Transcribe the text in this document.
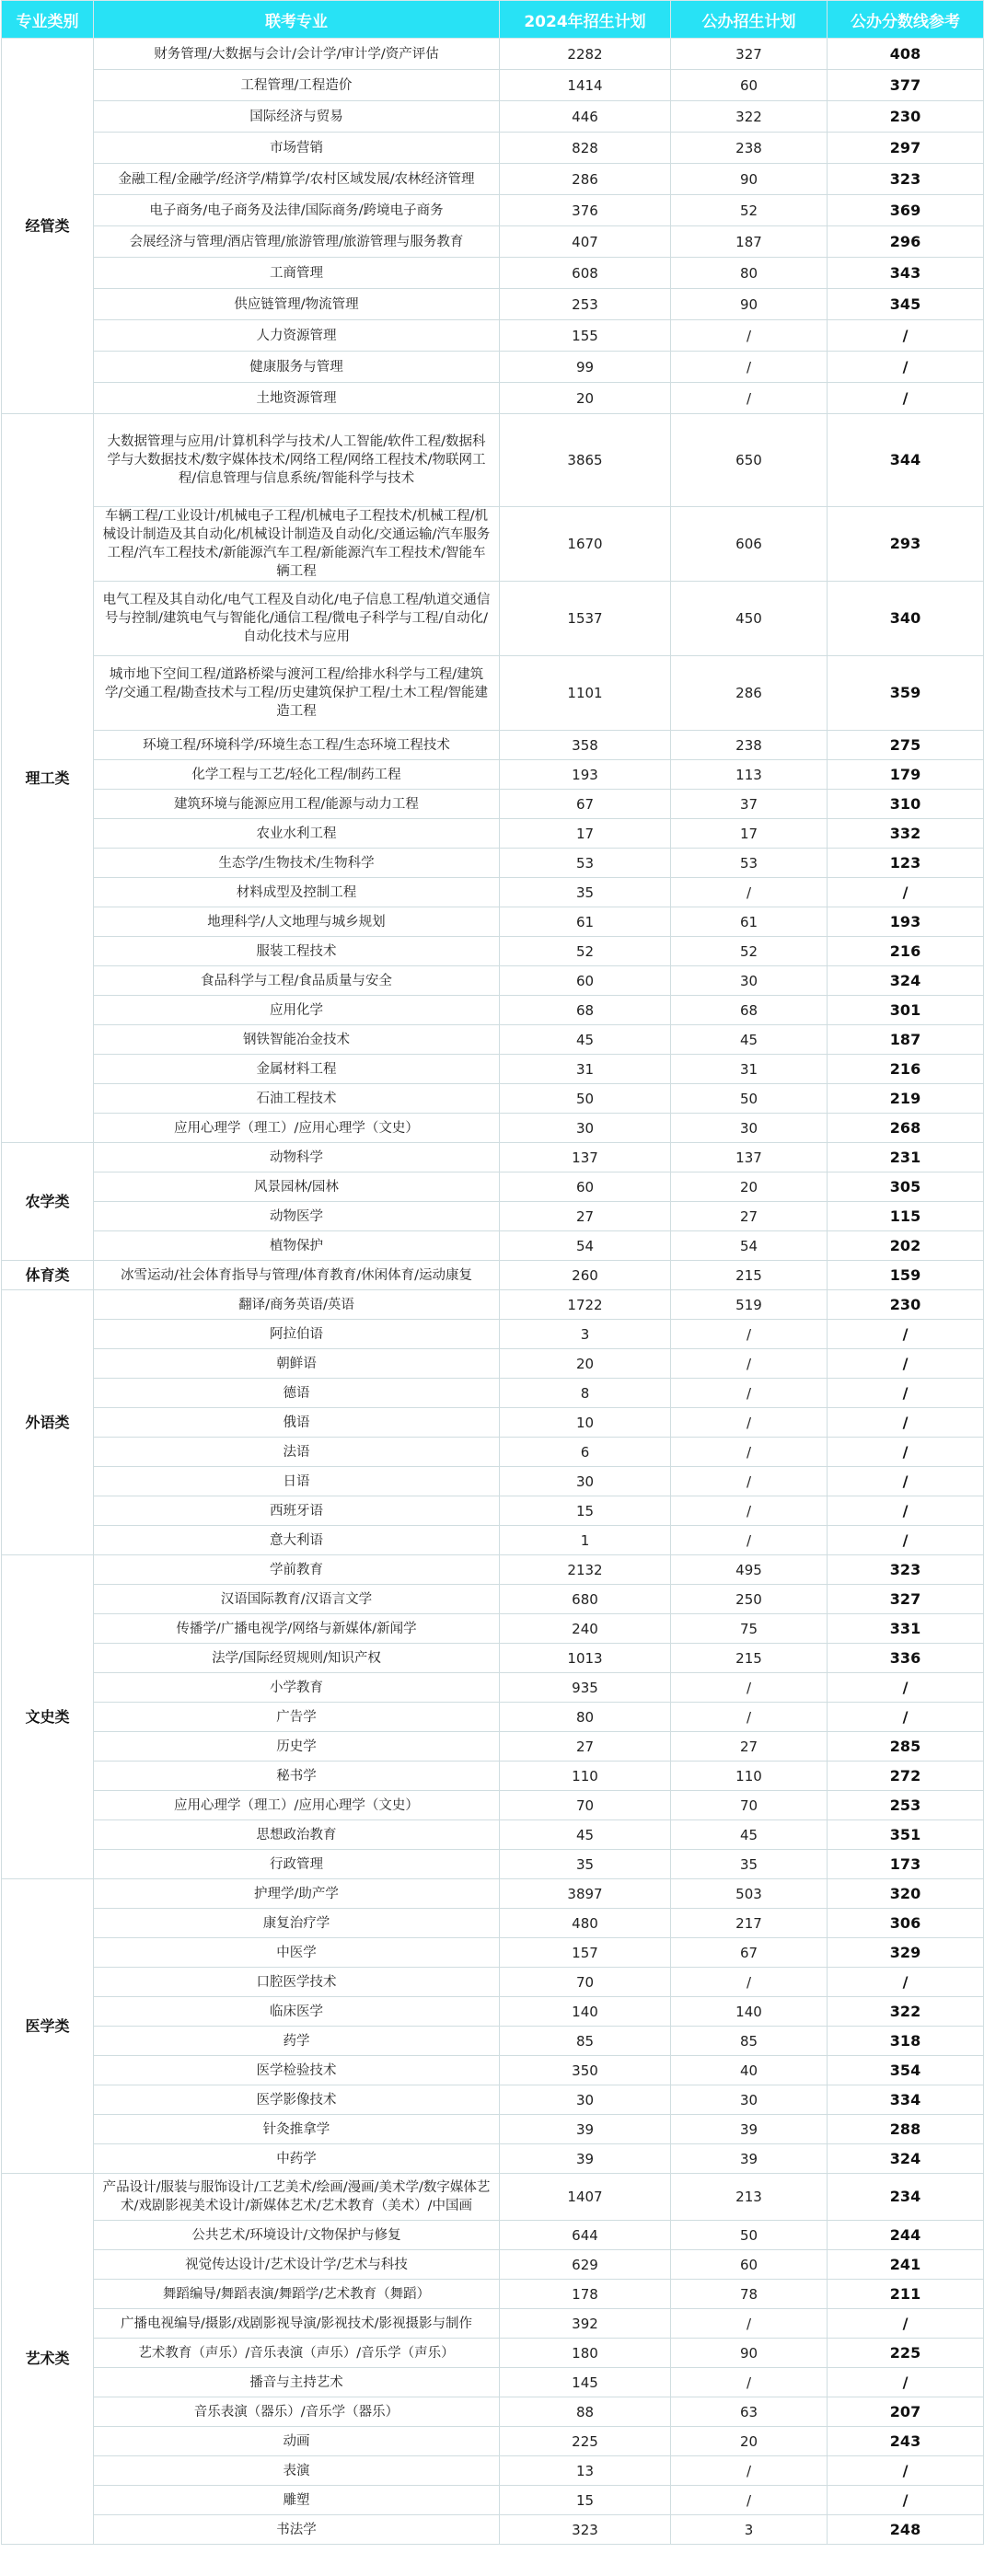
专业类别	联考专业	2024年招生计划	公办招生计划	公办分数线参考
经管类	财务管理/大数据与会计/会计学/审计学/资产评估	2282	327	408
	工程管理/工程造价	1414	60	377
	国际经济与贸易	446	322	230
	市场营销	828	238	297
	金融工程/金融学/经济学/精算学/农村区域发展/农林经济管理	286	90	323
	电子商务/电子商务及法律/国际商务/跨境电子商务	376	52	369
	会展经济与管理/酒店管理/旅游管理/旅游管理与服务教育	407	187	296
	工商管理	608	80	343
	供应链管理/物流管理	253	90	345
	人力资源管理	155	/	/
	健康服务与管理	99	/	/
	土地资源管理	20	/	/
理工类	大数据管理与应用/计算机科学与技术/人工智能/软件工程/数据科学与大数据技术/数字媒体技术/网络工程/网络工程技术/物联网工程/信息管理与信息系统/智能科学与技术	3865	650	344
	车辆工程/工业设计/机械电子工程/机械电子工程技术/机械工程/机械设计制造及其自动化/机械设计制造及自动化/交通运输/汽车服务工程/汽车工程技术/新能源汽车工程/新能源汽车工程技术/智能车辆工程	1670	606	293
	电气工程及其自动化/电气工程及自动化/电子信息工程/轨道交通信号与控制/建筑电气与智能化/通信工程/微电子科学与工程/自动化/自动化技术与应用	1537	450	340
	城市地下空间工程/道路桥梁与渡河工程/给排水科学与工程/建筑学/交通工程/勘查技术与工程/历史建筑保护工程/土木工程/智能建造工程	1101	286	359
	环境工程/环境科学/环境生态工程/生态环境工程技术	358	238	275
	化学工程与工艺/轻化工程/制药工程	193	113	179
	建筑环境与能源应用工程/能源与动力工程	67	37	310
	农业水利工程	17	17	332
	生态学/生物技术/生物科学	53	53	123
	材料成型及控制工程	35	/	/
	地理科学/人文地理与城乡规划	61	61	193
	服装工程技术	52	52	216
	食品科学与工程/食品质量与安全	60	30	324
	应用化学	68	68	301
	钢铁智能冶金技术	45	45	187
	金属材料工程	31	31	216
	石油工程技术	50	50	219
	应用心理学（理工）/应用心理学（文史）	30	30	268
农学类	动物科学	137	137	231
	风景园林/园林	60	20	305
	动物医学	27	27	115
	植物保护	54	54	202
体育类	冰雪运动/社会体育指导与管理/体育教育/休闲体育/运动康复	260	215	159
外语类	翻译/商务英语/英语	1722	519	230
	阿拉伯语	3	/	/
	朝鲜语	20	/	/
	德语	8	/	/
	俄语	10	/	/
	法语	6	/	/
	日语	30	/	/
	西班牙语	15	/	/
	意大利语	1	/	/
文史类	学前教育	2132	495	323
	汉语国际教育/汉语言文学	680	250	327
	传播学/广播电视学/网络与新媒体/新闻学	240	75	331
	法学/国际经贸规则/知识产权	1013	215	336
	小学教育	935	/	/
	广告学	80	/	/
	历史学	27	27	285
	秘书学	110	110	272
	应用心理学（理工）/应用心理学（文史）	70	70	253
	思想政治教育	45	45	351
	行政管理	35	35	173
医学类	护理学/助产学	3897	503	320
	康复治疗学	480	217	306
	中医学	157	67	329
	口腔医学技术	70	/	/
	临床医学	140	140	322
	药学	85	85	318
	医学检验技术	350	40	354
	医学影像技术	30	30	334
	针灸推拿学	39	39	288
	中药学	39	39	324
艺术类	产品设计/服装与服饰设计/工艺美术/绘画/漫画/美术学/数字媒体艺术/戏剧影视美术设计/新媒体艺术/艺术教育（美术）/中国画	1407	213	234
	公共艺术/环境设计/文物保护与修复	644	50	244
	视觉传达设计/艺术设计学/艺术与科技	629	60	241
	舞蹈编导/舞蹈表演/舞蹈学/艺术教育（舞蹈）	178	78	211
	广播电视编导/摄影/戏剧影视导演/影视技术/影视摄影与制作	392	/	/
	艺术教育（声乐）/音乐表演（声乐）/音乐学（声乐）	180	90	225
	播音与主持艺术	145	/	/
	音乐表演（器乐）/音乐学（器乐）	88	63	207
	动画	225	20	243
	表演	13	/	/
	雕塑	15	/	/
	书法学	323	3	248
